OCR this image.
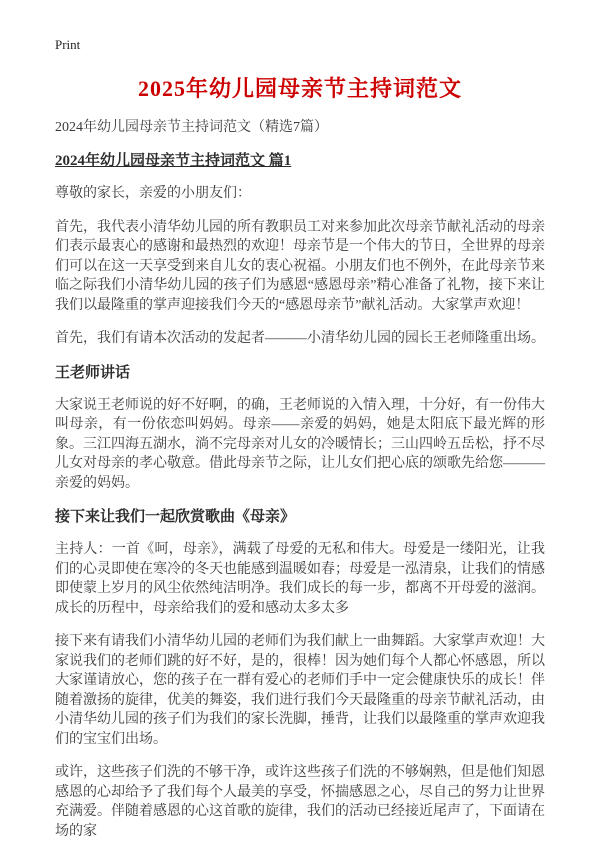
Print
2025年幼儿园母亲节主持词范文
2024年幼儿园母亲节主持词范文（精选7篇）
2024年幼儿园母亲节主持词范文 篇1

尊敬的家长，亲爱的小朋友们：

首先，我代表小清华幼儿园的所有教职员工对来参加此次母亲节献礼活动的母亲们表示最衷心的感谢和最热烈的欢迎！母亲节是一个伟大的节日，全世界的母亲们可以在这一天享受到来自儿女的衷心祝福。小朋友们也不例外，在此母亲节来临之际我们小清华幼儿园的孩子们为感恩“感恩母亲”精心准备了礼物，接下来让我们以最隆重的掌声迎接我们今天的“感恩母亲节”献礼活动。大家掌声欢迎！

首先，我们有请本次活动的发起者———小清华幼儿园的园长王老师隆重出场。

王老师讲话

大家说王老师说的好不好啊，的确，王老师说的入情入理，十分好，有一份伟大叫母亲，有一份依恋叫妈妈。母亲——亲爱的妈妈，她是太阳底下最光辉的形象。三江四海五湖水，淌不完母亲对儿女的冷暖情长；三山四岭五岳松，抒不尽儿女对母亲的孝心敬意。借此母亲节之际，让儿女们把心底的颂歌先给您———亲爱的妈妈。

接下来让我们一起欣赏歌曲《母亲》

主持人：一首《呵，母亲》，满载了母爱的无私和伟大。母爱是一缕阳光，让我们的心灵即使在寒冷的冬天也能感到温暖如春；母爱是一泓清泉，让我们的情感即使蒙上岁月的风尘依然纯洁明净。我们成长的每一步，都离不开母爱的滋润。成长的历程中，母亲给我们的爱和感动太多太多

接下来有请我们小清华幼儿园的老师们为我们献上一曲舞蹈。大家掌声欢迎！大家说我们的老师们跳的好不好，是的，很棒！因为她们每个人都心怀感恩，所以大家谨请放心，您的孩子在一群有爱心的老师们手中一定会健康快乐的成长！伴随着激扬的旋律，优美的舞姿，我们进行我们今天最隆重的母亲节献礼活动，由小清华幼儿园的孩子们为我们的家长洗脚，捶背，让我们以最隆重的掌声欢迎我们的宝宝们出场。

或许，这些孩子们洗的不够干净，或许这些孩子们洗的不够娴熟，但是他们知恩感恩的心却给予了我们每个人最美的享受，怀揣感恩之心，尽自己的努力让世界充满爱。伴随着感恩的心这首歌的旋律，我们的活动已经接近尾声了，下面请在场的家
